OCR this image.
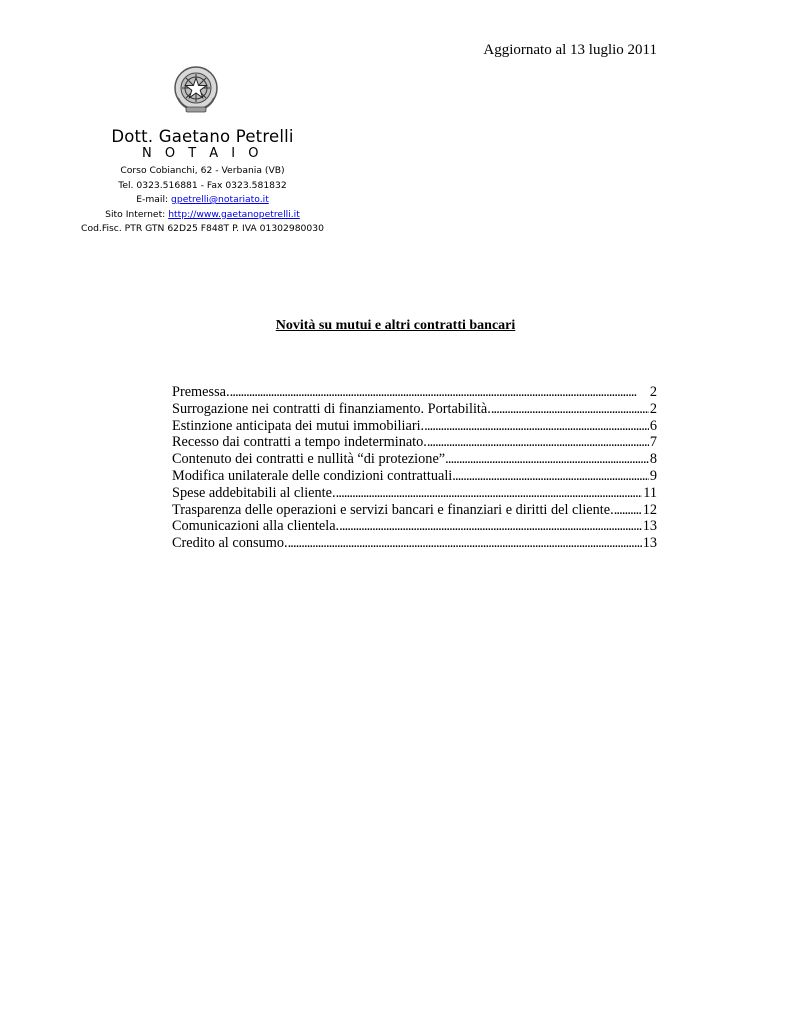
Aggiornato al 13 luglio 2011
Dott. Gaetano Petrelli
N O T A I O
Corso Cobianchi, 62 - Verbania (VB)
Tel. 0323.516881 - Fax 0323.581832
E-mail: gpetrelli@notariato.it
Sito Internet: http://www.gaetanopetrelli.it
Cod.Fisc. PTR GTN 62D25 F848T P. IVA 01302980030
Novità su mutui e altri contratti bancari
Premessa. . . .	2
Surrogazione nei contratti di finanziamento. Portabilità. . . .	2
Estinzione anticipata dei mutui immobiliari. . . .	6
Recesso dai contratti a tempo indeterminato. . . .	7
Contenuto dei contratti e nullità “di protezione” . . .	8
Modifica unilaterale delle condizioni contrattuali . . .	9
Spese addebitabili al cliente. . . .	11
Trasparenza delle operazioni e servizi bancari e finanziari e diritti del cliente. . . . 12
Comunicazioni alla clientela. . . .	13
Credito al consumo. . . .	13
